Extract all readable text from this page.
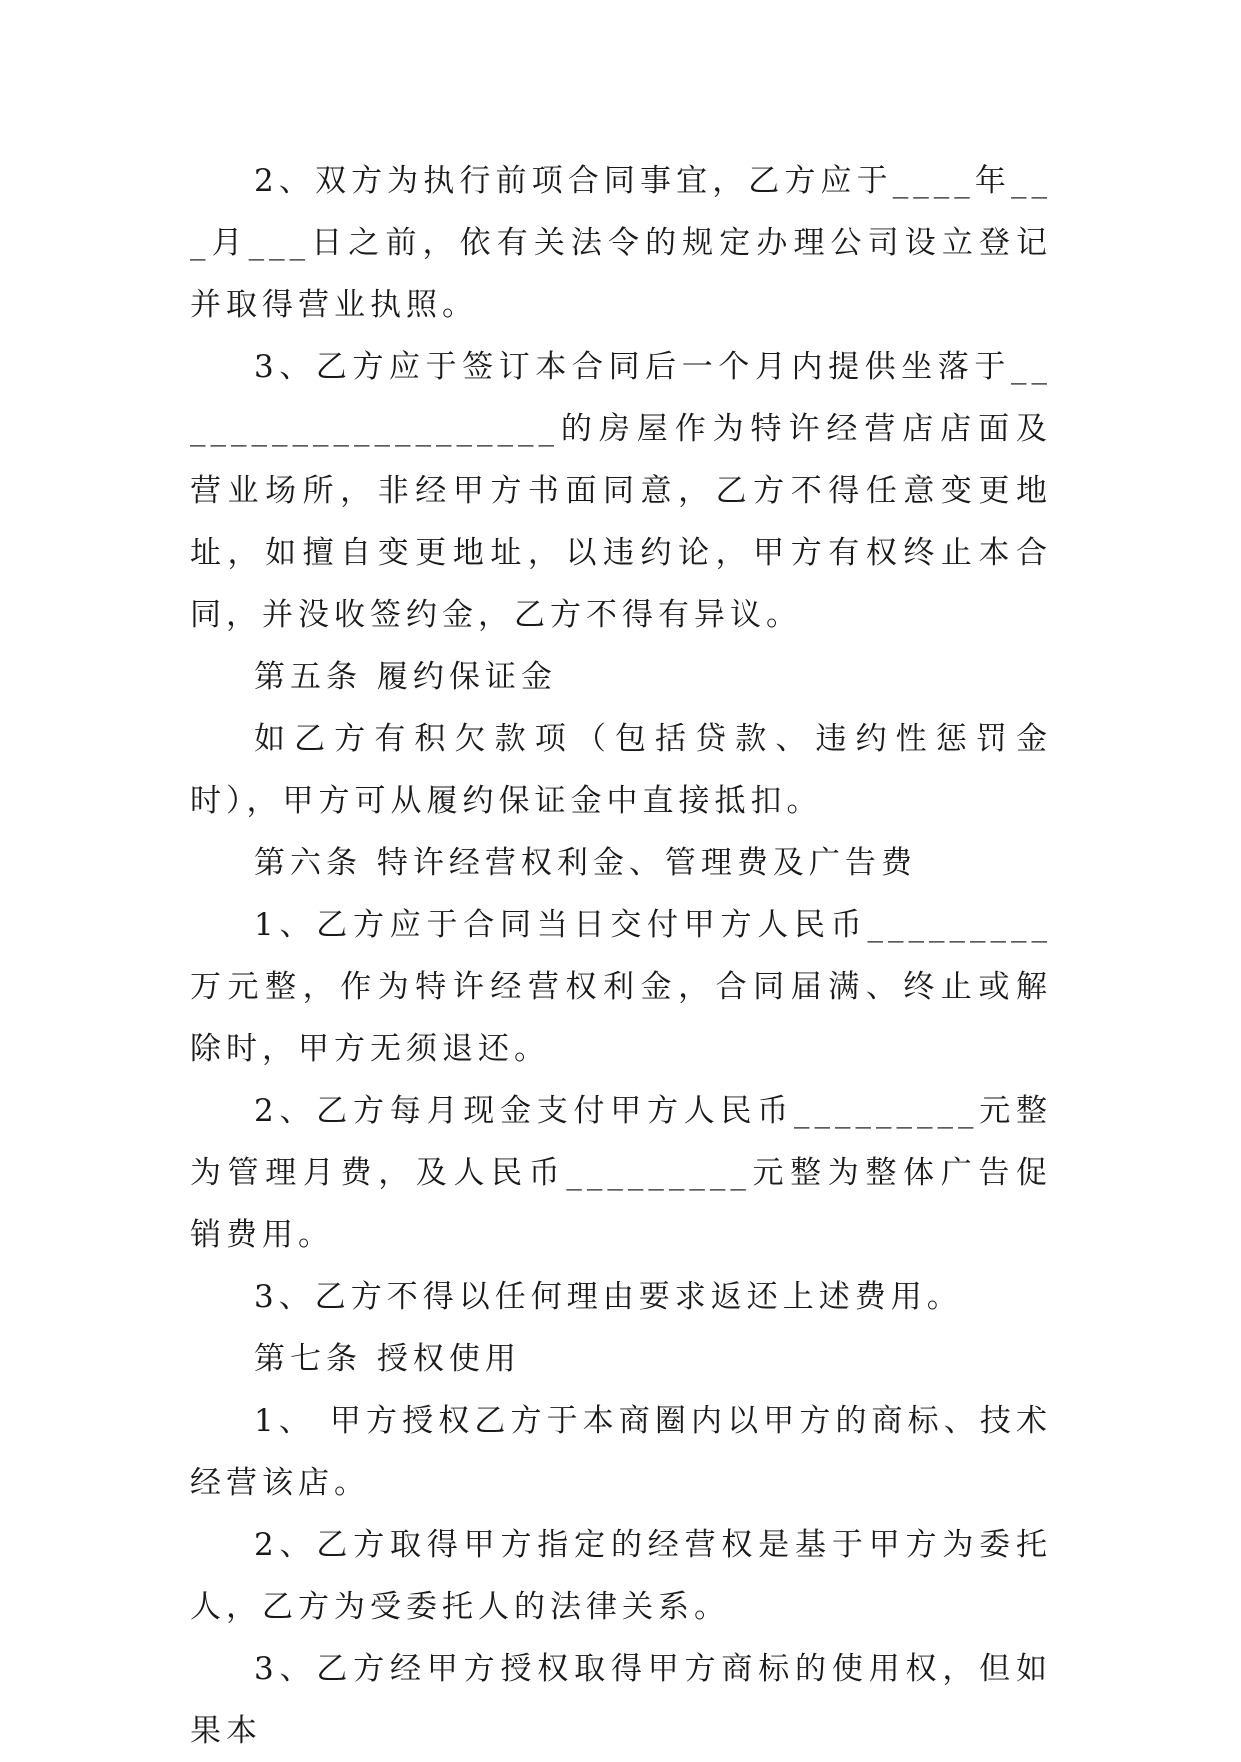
2、双方为执行前项合同事宜，乙方应于____年___月___日之前，依有关法令的规定办理公司设立登记并取得营业执照。

3、乙方应于签订本合同后一个月内提供坐落于____________________的房屋作为特许经营店店面及营业场所，非经甲方书面同意，乙方不得任意变更地址，如擅自变更地址，以违约论，甲方有权终止本合同，并没收签约金，乙方不得有异议。

第五条 履约保证金

如乙方有积欠款项（包括贷款、违约性惩罚金时），甲方可从履约保证金中直接抵扣。

第六条 特许经营权利金、管理费及广告费

1、乙方应于合同当日交付甲方人民币_________万元整，作为特许经营权利金，合同届满、终止或解除时，甲方无须退还。

2、乙方每月现金支付甲方人民币_________元整为管理月费，及人民币_________元整为整体广告促销费用。

3、乙方不得以任何理由要求返还上述费用。

第七条 授权使用

1、 甲方授权乙方于本商圈内以甲方的商标、技术经营该店。

2、乙方取得甲方指定的经营权是基于甲方为委托人，乙方为受委托人的法律关系。

3、乙方经甲方授权取得甲方商标的使用权，但如果本
